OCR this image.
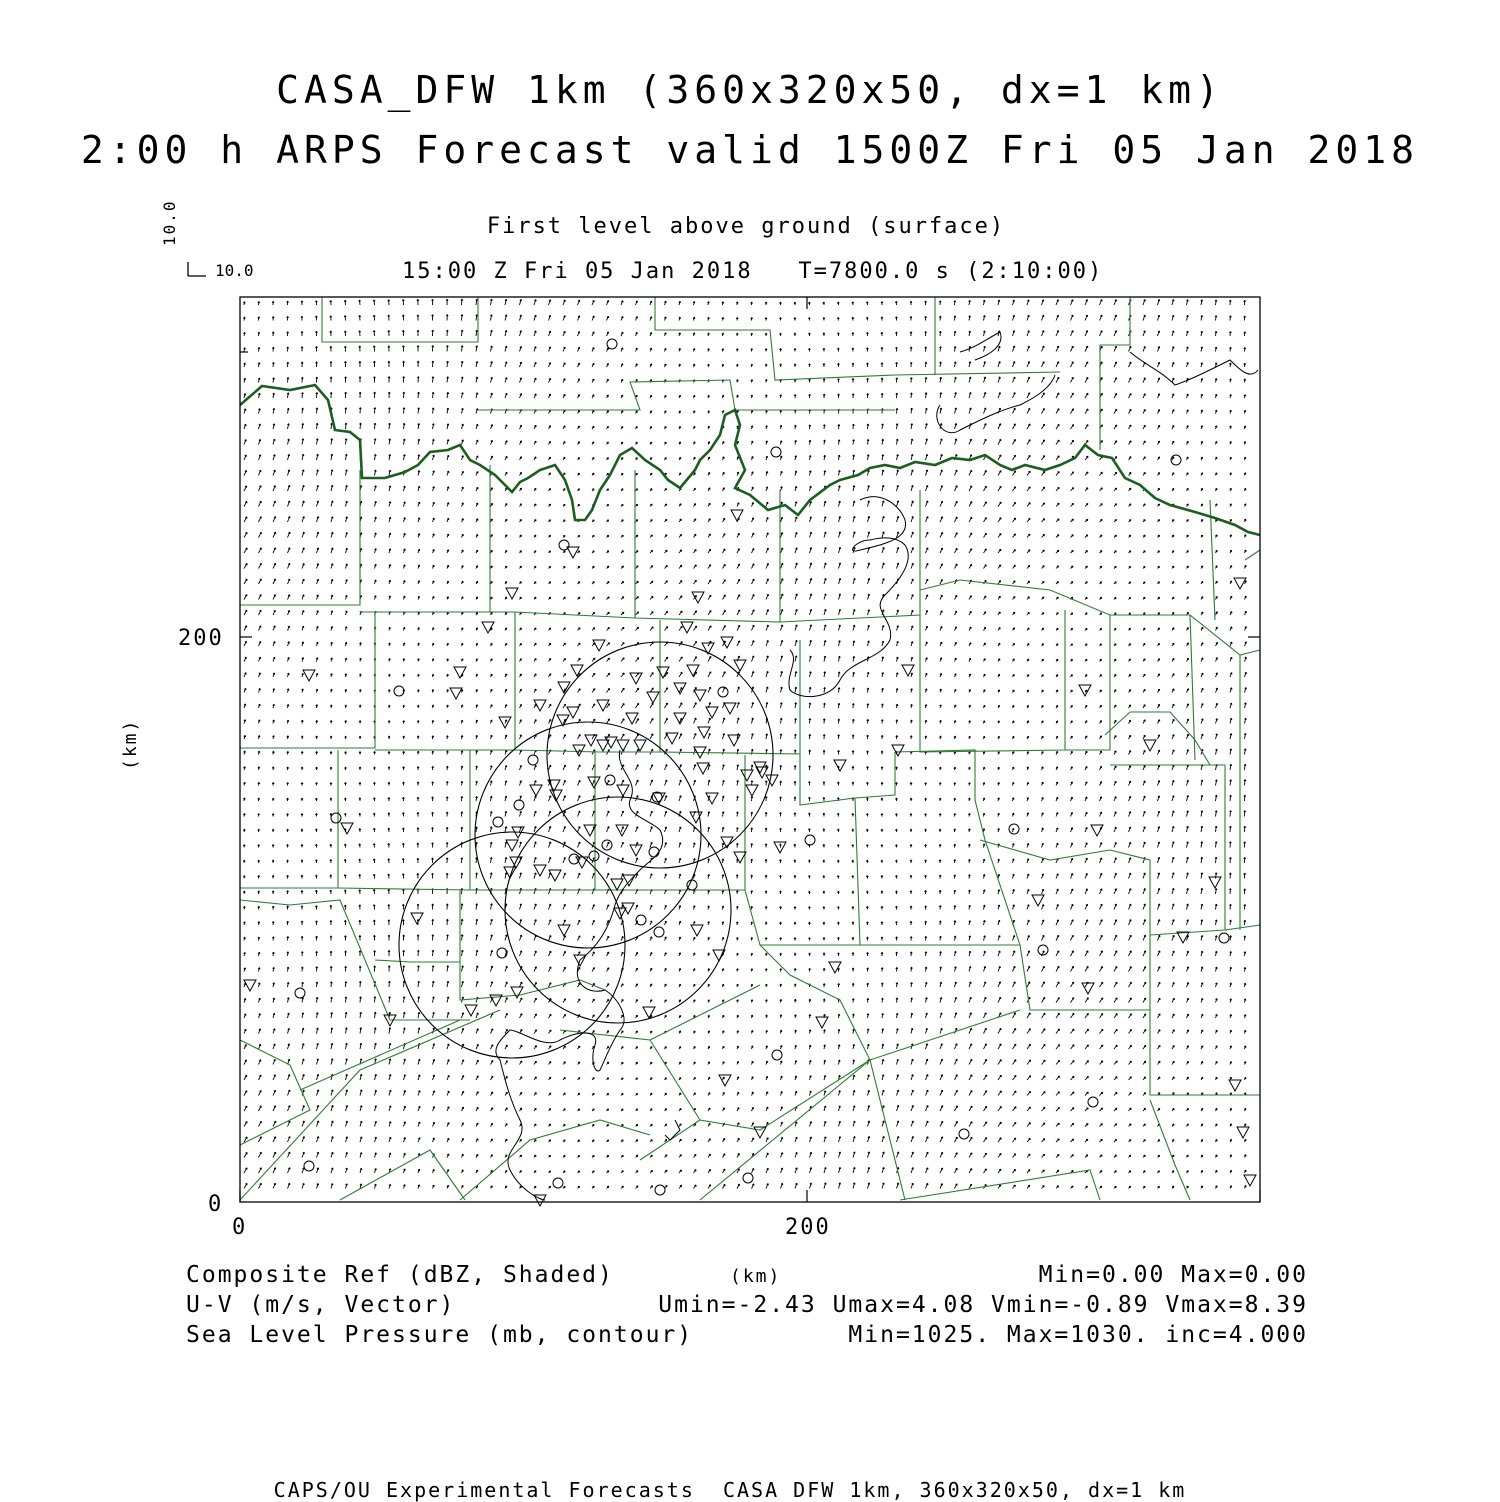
CASA_DFW 1km (360x320x50, dx=1 km)
2:00 h ARPS Forecast valid 1500Z Fri 05 Jan 2018
First level above ground (surface)
15:00 Z Fri 05 Jan 2018   T=7800.0 s (2:10:00)
10.0
10.0
0	200
0
200
(km)
(km)
Composite Ref (dBZ, Shaded)	Min=0.00 Max=0.00
U-V (m/s, Vector)	Umin=-2.43 Umax=4.08 Vmin=-0.89 Vmax=8.39
Sea Level Pressure (mb, contour)	Min=1025. Max=1030. inc=4.000
CAPS/OU Experimental Forecasts  CASA DFW 1km, 360x320x50, dx=1 km
